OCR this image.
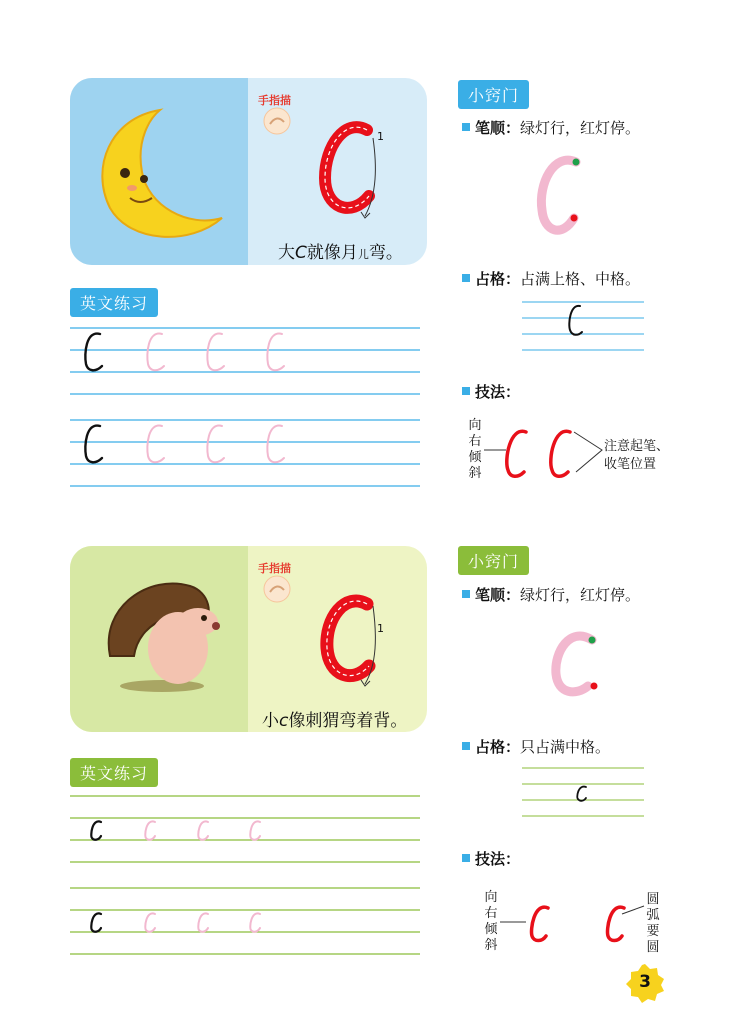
手指描
1
大C就像月儿弯。
英文练习
小窍门
笔顺：绿灯行，红灯停。
占格：占满上格、中格。
技法：
向
右
倾
斜
注意起笔、
收笔位置
手指描
1
小c像刺猬弯着背。
英文练习
小窍门
笔顺：绿灯行，红灯停。
占格：只占满中格。
技法：
向
右
倾
斜
圆
弧
要
圆
3
